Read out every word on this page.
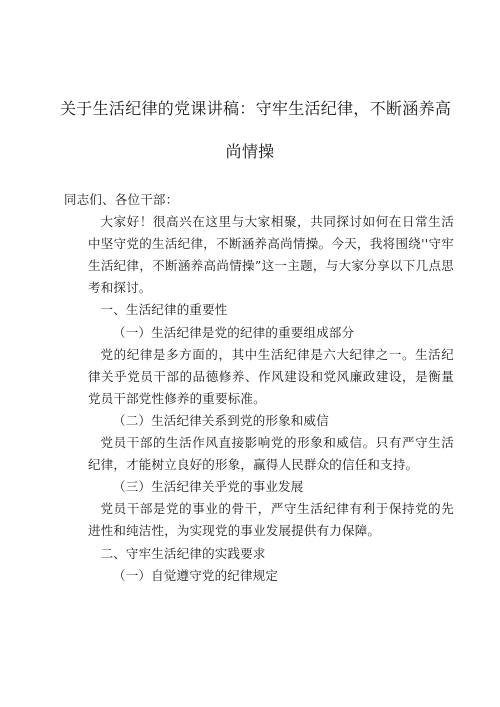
关于生活纪律的党课讲稿：守牢生活纪律，不断涵养高
尚情操

同志们、各位干部：

大家好！很高兴在这里与大家相聚，共同探讨如何在日常生活中坚守党的生活纪律，不断涵养高尚情操。今天，我将围绕''守牢生活纪律，不断涵养高尚情操”这一主题，与大家分享以下几点思考和探讨。

一、生活纪律的重要性

（一）生活纪律是党的纪律的重要组成部分

党的纪律是多方面的，其中生活纪律是六大纪律之一。生活纪律关乎党员干部的品德修养、作风建设和党风廉政建设，是衡量党员干部党性修养的重要标准。

（二）生活纪律关系到党的形象和威信

党员干部的生活作风直接影响党的形象和威信。只有严守生活纪律，才能树立良好的形象，赢得人民群众的信任和支持。

（三）生活纪律关乎党的事业发展

党员干部是党的事业的骨干，严守生活纪律有利于保持党的先进性和纯洁性，为实现党的事业发展提供有力保障。

二、守牢生活纪律的实践要求

（一）自觉遵守党的纪律规定
